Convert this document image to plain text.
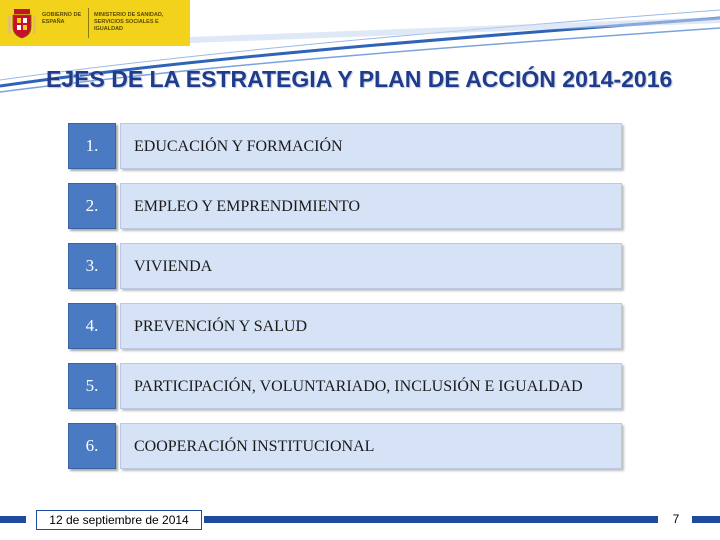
GOBIERNO DE ESPAÑA
MINISTERIO DE SANIDAD, SERVICIOS SOCIALES E IGUALDAD
EJES DE LA ESTRATEGIA Y PLAN DE ACCIÓN 2014-2016
1.	EDUCACIÓN Y FORMACIÓN
2.	EMPLEO Y EMPRENDIMIENTO
3.	VIVIENDA
4.	PREVENCIÓN Y SALUD
5.	PARTICIPACIÓN, VOLUNTARIADO, INCLUSIÓN E IGUALDAD
6.	COOPERACIÓN INSTITUCIONAL
12 de septiembre de 2014	7
